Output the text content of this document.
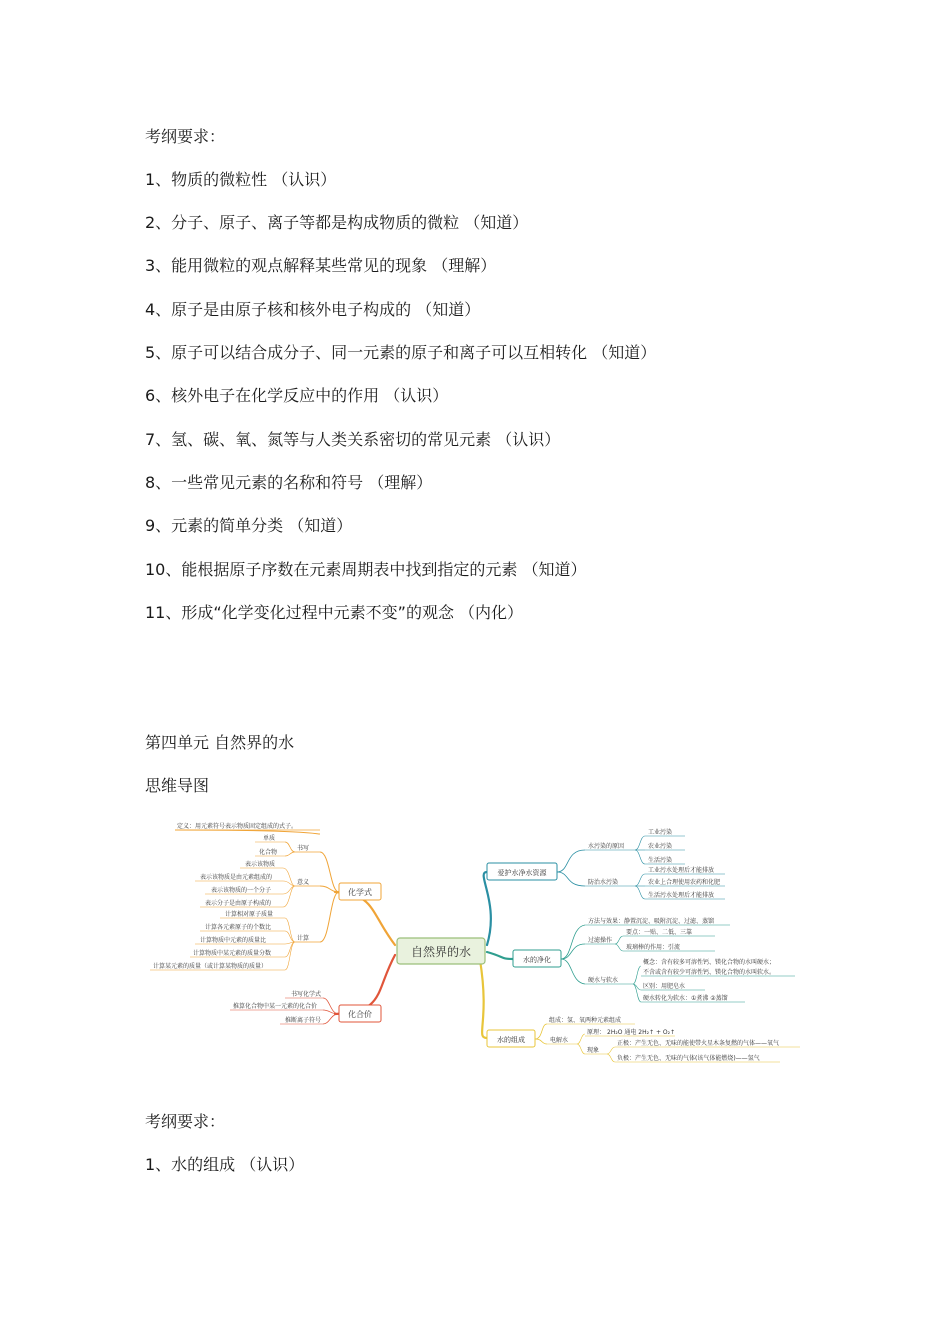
考纲要求：
1、物质的微粒性 （认识）
2、分子、原子、离子等都是构成物质的微粒 （知道）
3、能用微粒的观点解释某些常见的现象 （理解）
4、原子是由原子核和核外电子构成的 （知道）
5、原子可以结合成分子、同一元素的原子和离子可以互相转化 （知道）
6、核外电子在化学反应中的作用 （认识）
7、氢、碳、氧、氮等与人类关系密切的常见元素 （认识）
8、一些常见元素的名称和符号 （理解）
9、元素的简单分类 （知道）
10、能根据原子序数在元素周期表中找到指定的元素 （知道）
11、形成“化学变化过程中元素不变”的观念 （内化）
第四单元 自然界的水
思维导图
自然界的水
化学式
定义：用元素符号表示物质固定组成的式子。
书写
单质
化合物
意义
表示该物质
表示该物质是由元素组成的
表示该物质的一个分子
表示分子是由原子构成的
计算
计算相对原子质量
计算各元素原子的个数比
计算物质中元素的质量比
计算物质中某元素的质量分数
计算某元素的质量（或计算某物质的质量）
化合价
书写化学式
推算化合物中某一元素的化合价
推断离子符号
爱护水净水资源
水污染的原因
工业污染
农业污染
生活污染
防治水污染
工业污水处理后才能排放
农业上合理使用农药和化肥
生活污水处理后才能排放
水的净化
方法与效果：静置沉淀、吸附沉淀、过滤、蒸馏
过滤操作
要点：一贴、二低、三靠
玻璃棒的作用：引流
硬水与软水
概念：含有较多可溶性钙、镁化合物的水叫硬水；
不含或含有较少可溶性钙、镁化合物的水叫软水。
区别：用肥皂水
硬水转化为软水：①煮沸 ②蒸馏
水的组成
组成：氢、氧两种元素组成
电解水
原理： 2H₂O 通电 2H₂↑ + O₂↑
现象
正极：产生无色、无味的能使带火星木条复燃的气体——氧气
负极：产生无色、无味的气体(该气体能燃烧)——氢气
考纲要求：
1、水的组成 （认识）
